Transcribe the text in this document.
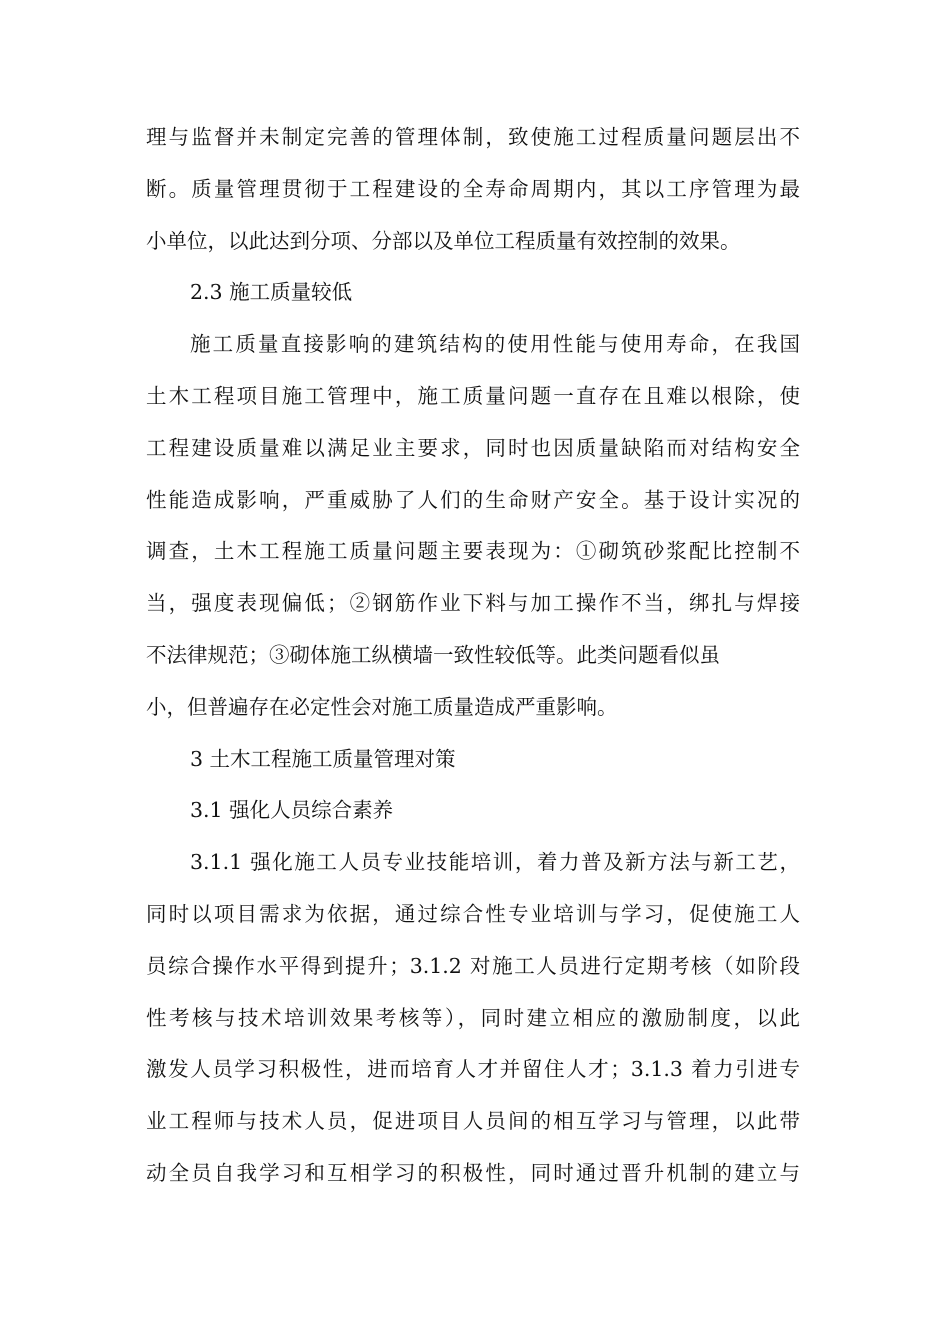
理与监督并未制定完善的管理体制，致使施工过程质量问题层出不
断。质量管理贯彻于工程建设的全寿命周期内，其以工序管理为最
小单位，以此达到分项、分部以及单位工程质量有效控制的效果。
2.3 施工质量较低
施工质量直接影响的建筑结构的使用性能与使用寿命，在我国
土木工程项目施工管理中，施工质量问题一直存在且难以根除，使
工程建设质量难以满足业主要求，同时也因质量缺陷而对结构安全
性能造成影响，严重威胁了人们的生命财产安全。基于设计实况的
调查，土木工程施工质量问题主要表现为：①砌筑砂浆配比控制不
当，强度表现偏低；②钢筋作业下料与加工操作不当，绑扎与焊接
不法律规范；③砌体施工纵横墙一致性较低等。此类问题看似虽
小，但普遍存在必定性会对施工质量造成严重影响。
3 土木工程施工质量管理对策
3.1 强化人员综合素养
3.1.1 强化施工人员专业技能培训，着力普及新方法与新工艺，
同时以项目需求为依据，通过综合性专业培训与学习，促使施工人
员综合操作水平得到提升；3.1.2 对施工人员进行定期考核（如阶段
性考核与技术培训效果考核等），同时建立相应的激励制度，以此
激发人员学习积极性，进而培育人才并留住人才；3.1.3 着力引进专
业工程师与技术人员，促进项目人员间的相互学习与管理，以此带
动全员自我学习和互相学习的积极性，同时通过晋升机制的建立与
